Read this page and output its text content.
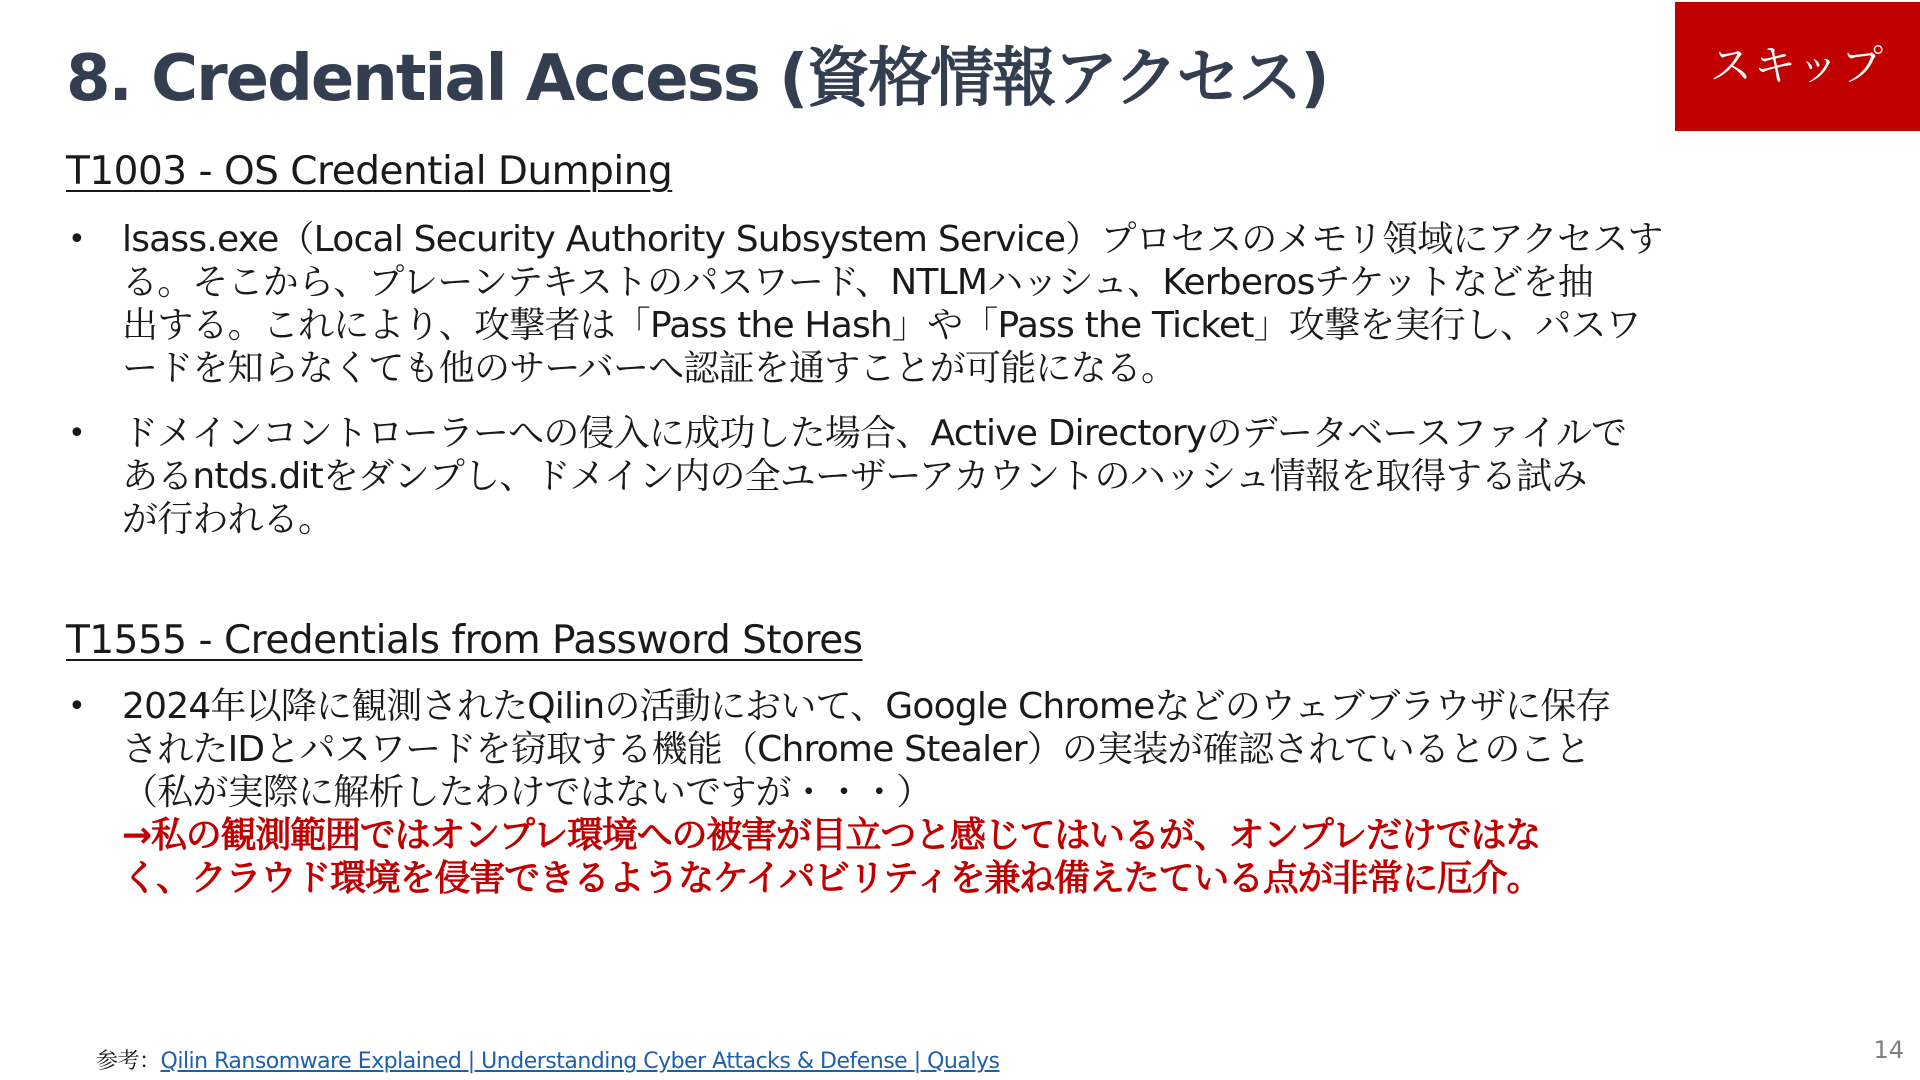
8. Credential Access (資格情報アクセス)	スキップ
T1003 - OS Credential Dumping
• lsass.exe（Local Security Authority Subsystem Service）プロセスのメモリ領域にアクセスす
る。そこから、プレーンテキストのパスワード、NTLMハッシュ、Kerberosチケットなどを抽
出する。これにより、攻撃者は「Pass the Hash」や「Pass the Ticket」攻撃を実行し、パスワ
ードを知らなくても他のサーバーへ認証を通すことが可能になる。
• ドメインコントローラーへの侵入に成功した場合、Active Directoryのデータベースファイルで
あるntds.ditをダンプし、ドメイン内の全ユーザーアカウントのハッシュ情報を取得する試み
が行われる。
T1555 - Credentials from Password Stores
• 2024年以降に観測されたQilinの活動において、Google Chromeなどのウェブブラウザに保存
されたIDとパスワードを窃取する機能（Chrome Stealer）の実装が確認されているとのこと
（私が実際に解析したわけではないですが・・・）
→私の観測範囲ではオンプレ環境への被害が目立つと感じてはいるが、オンプレだけではな
く、クラウド環境を侵害できるようなケイパビリティを兼ね備えたている点が非常に厄介。
参考：Qilin Ransomware Explained | Understanding Cyber Attacks & Defense | Qualys	14
